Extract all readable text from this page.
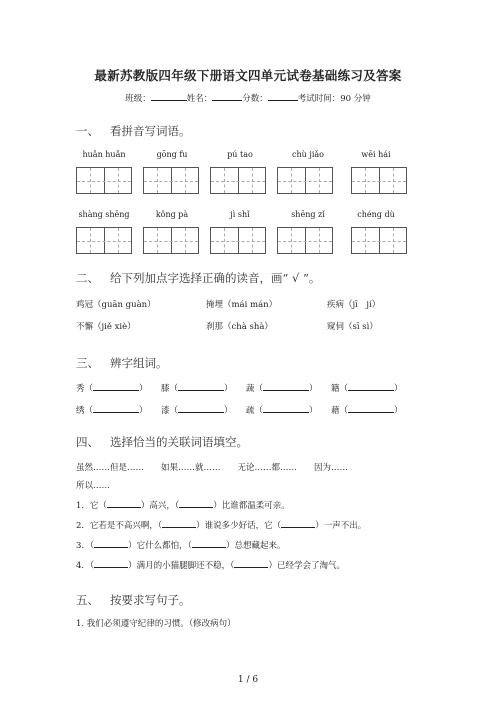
最新苏教版四年级下册语文四单元试卷基础练习及答案
班级：	姓名：	分数：	考试时间：90 分钟
一、 看拼音写词语。
huǎn huǎn	gōng fu	pú tao	chù jiǎo	wēi hái
shàng shēng	kǒng pà	jì shǐ	shēng zǐ	chéng dù
二、 给下列加点字选择正确的读音，画“ √ ”。
鸡冠（guān guàn）	掩埋（mái mán）	疾病（jī　jí）
不懈（jiě xiè）	刹那（chà shà）	窥伺（sī sì）
三、 辨字组词。
秀（	） 膝（	） 蔬（	） 籍（	）
绣（	） 漆（	） 疏（	） 藉（	）
四、 选择恰当的关联词语填空。
虽然……但是……　　如果……就……　　无论……都……　　因为……
所以……
1．它（	）高兴，（	）比谁都温柔可亲。
2．它若是不高兴啊，（	）谁说多少好话，它（	）一声不出。
3．（	）它什么都怕，（	）总想藏起来。
4．（	）满月的小猫腿脚还不稳，（	）已经学会了淘气。
五、 按要求写句子。
1. 我们必须遵守纪律的习惯。（修改病句）
1 / 6
